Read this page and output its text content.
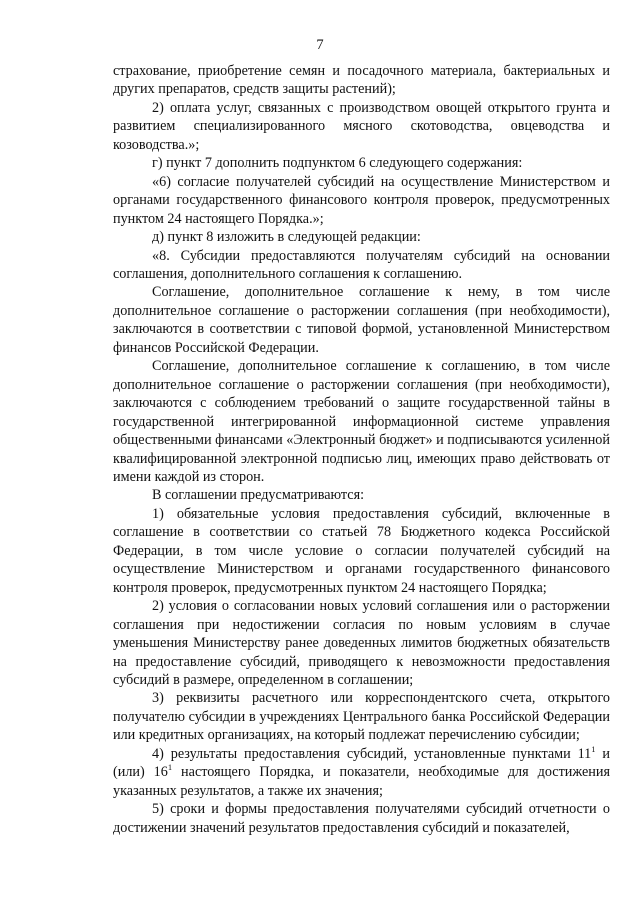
7

страхование, приобретение семян и посадочного материала, бактериальных и других препаратов, средств защиты растений);

2) оплата услуг, связанных с производством овощей открытого грунта и развитием специализированного мясного скотоводства, овцеводства и козоводства.»;

г) пункт 7 дополнить подпунктом 6 следующего содержания:

«6) согласие получателей субсидий на осуществление Министерством и органами государственного финансового контроля проверок, предусмотренных пунктом 24 настоящего Порядка.»;

д) пункт 8 изложить в следующей редакции:

«8. Субсидии предоставляются получателям субсидий на основании соглашения, дополнительного соглашения к соглашению.

Соглашение, дополнительное соглашение к нему, в том числе дополнительное соглашение о расторжении соглашения (при необходимости), заключаются в соответствии с типовой формой, установленной Министерством финансов Российской Федерации.

Соглашение, дополнительное соглашение к соглашению, в том числе дополнительное соглашение о расторжении соглашения (при необходимости), заключаются с соблюдением требований о защите государственной тайны в государственной интегрированной информационной системе управления общественными финансами «Электронный бюджет» и подписываются усиленной квалифицированной электронной подписью лиц, имеющих право действовать от имени каждой из сторон.

В соглашении предусматриваются:

1) обязательные условия предоставления субсидий, включенные в соглашение в соответствии со статьей 78 Бюджетного кодекса Российской Федерации, в том числе условие о согласии получателей субсидий на осуществление Министерством и органами государственного финансового контроля проверок, предусмотренных пунктом 24 настоящего Порядка;

2) условия о согласовании новых условий соглашения или о расторжении соглашения при недостижении согласия по новым условиям в случае уменьшения Министерству ранее доведенных лимитов бюджетных обязательств на предоставление субсидий, приводящего к невозможности предоставления субсидий в размере, определенном в соглашении;

3) реквизиты расчетного или корреспондентского счета, открытого получателю субсидии в учреждениях Центрального банка Российской Федерации или кредитных организациях, на который подлежат перечислению субсидии;

4) результаты предоставления субсидий, установленные пунктами $11^1$ и (или) $16^1$ настоящего Порядка, и показатели, необходимые для достижения указанных результатов, а также их значения;

5) сроки и формы предоставления получателями субсидий отчетности о достижении значений результатов предоставления субсидий и показателей,
